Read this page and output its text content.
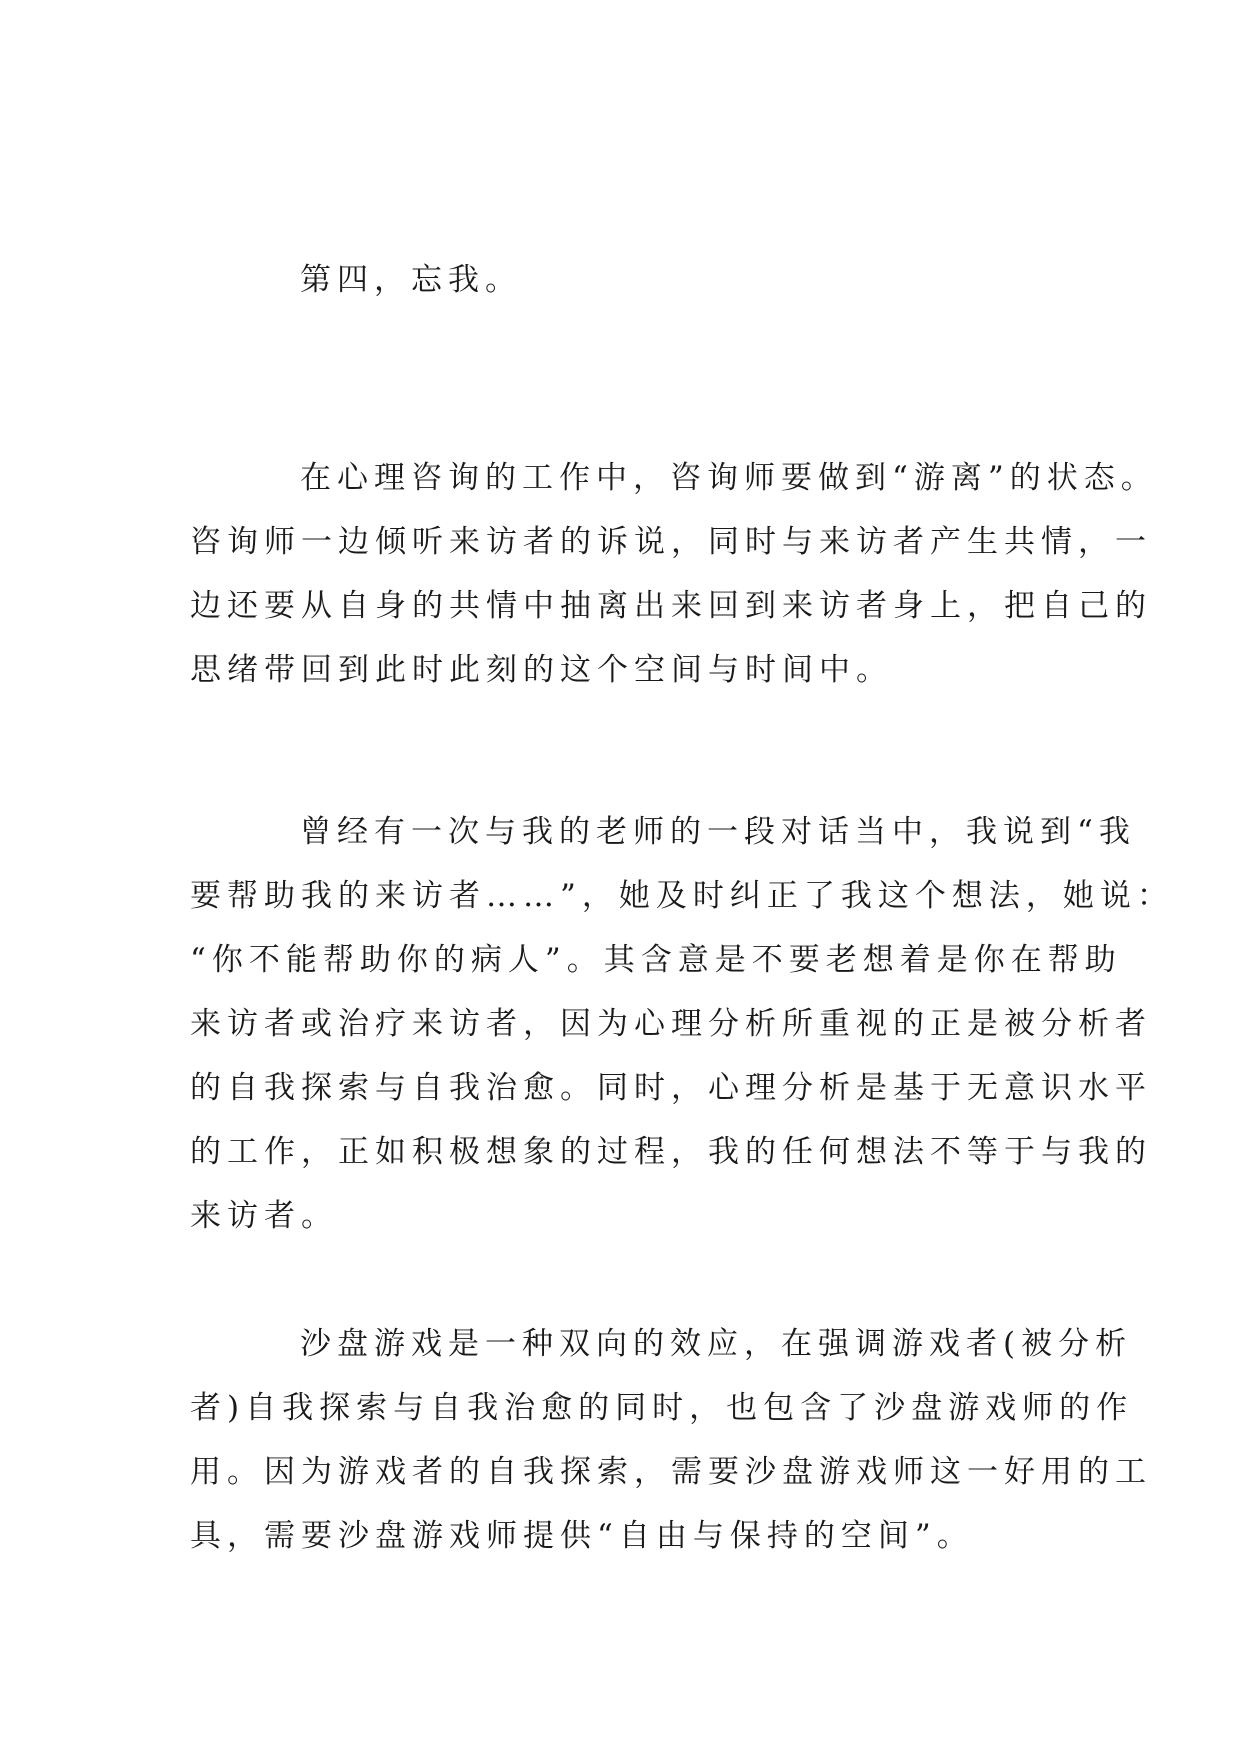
第四，忘我。
在心理咨询的工作中，咨询师要做到“游离”的状态。
咨询师一边倾听来访者的诉说，同时与来访者产生共情，一
边还要从自身的共情中抽离出来回到来访者身上，把自己的
思绪带回到此时此刻的这个空间与时间中。
曾经有一次与我的老师的一段对话当中，我说到“我
要帮助我的来访者……”，她及时纠正了我这个想法，她说：
“你不能帮助你的病人”。其含意是不要老想着是你在帮助
来访者或治疗来访者，因为心理分析所重视的正是被分析者
的自我探索与自我治愈。同时，心理分析是基于无意识水平
的工作，正如积极想象的过程，我的任何想法不等于与我的
来访者。
沙盘游戏是一种双向的效应，在强调游戏者(被分析
者)自我探索与自我治愈的同时，也包含了沙盘游戏师的作
用。因为游戏者的自我探索，需要沙盘游戏师这一好用的工
具，需要沙盘游戏师提供“自由与保持的空间”。
